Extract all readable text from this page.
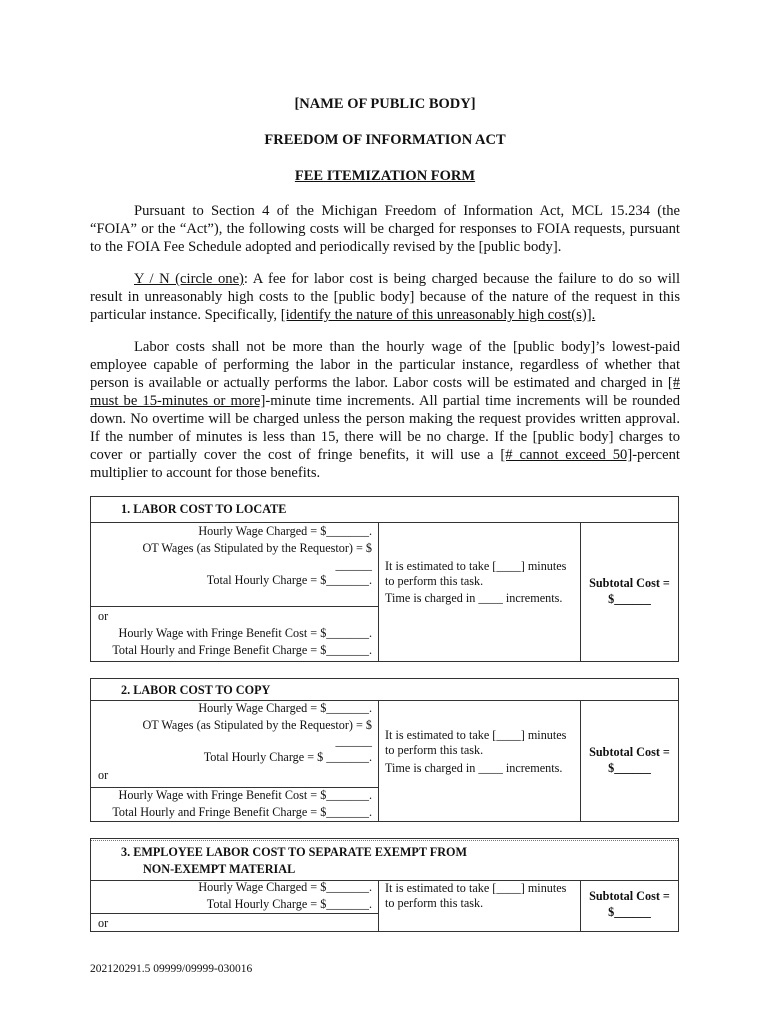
[NAME OF PUBLIC BODY]
FREEDOM OF INFORMATION ACT
FEE ITEMIZATION FORM
Pursuant to Section 4 of the Michigan Freedom of Information Act, MCL 15.234 (the “FOIA” or the “Act”), the following costs will be charged for responses to FOIA requests, pursuant to the FOIA Fee Schedule adopted and periodically revised by the [public body].
Y / N (circle one): A fee for labor cost is being charged because the failure to do so will result in unreasonably high costs to the [public body] because of the nature of the request in this particular instance. Specifically, [identify the nature of this unreasonably high cost(s)].
Labor costs shall not be more than the hourly wage of the [public body]’s lowest-paid employee capable of performing the labor in the particular instance, regardless of whether that person is available or actually performs the labor. Labor costs will be estimated and charged in [# must be 15-minutes or more]-minute time increments. All partial time increments will be rounded down. No overtime will be charged unless the person making the request provides written approval. If the number of minutes is less than 15, there will be no charge. If the [public body] charges to cover or partially cover the cost of fringe benefits, it will use a [# cannot exceed 50]-percent multiplier to account for those benefits.
1. LABOR COST TO LOCATE
Hourly Wage Charged = $_______.
OT Wages (as Stipulated by the Requestor) = $
______
Total Hourly Charge = $_______.
It is estimated to take [____] minutes
to perform this task.
Time is charged in ____ increments.
Subtotal Cost =
$______
or
Hourly Wage with Fringe Benefit Cost = $_______.
Total Hourly and Fringe Benefit Charge = $_______.
2. LABOR COST TO COPY
Hourly Wage Charged = $_______.
OT Wages (as Stipulated by the Requestor) = $
______
Total Hourly Charge = $ _______.
It is estimated to take [____] minutes
to perform this task.
Time is charged in ____ increments.
Subtotal Cost =
$______
or
Hourly Wage with Fringe Benefit Cost = $_______.
Total Hourly and Fringe Benefit Charge = $_______.
3. EMPLOYEE LABOR COST TO SEPARATE EXEMPT FROM
NON-EXEMPT MATERIAL
Hourly Wage Charged = $_______.
Total Hourly Charge = $_______.
It is estimated to take [____] minutes
to perform this task.	Subtotal Cost =
$______
or
202120291.5 09999/09999-030016
